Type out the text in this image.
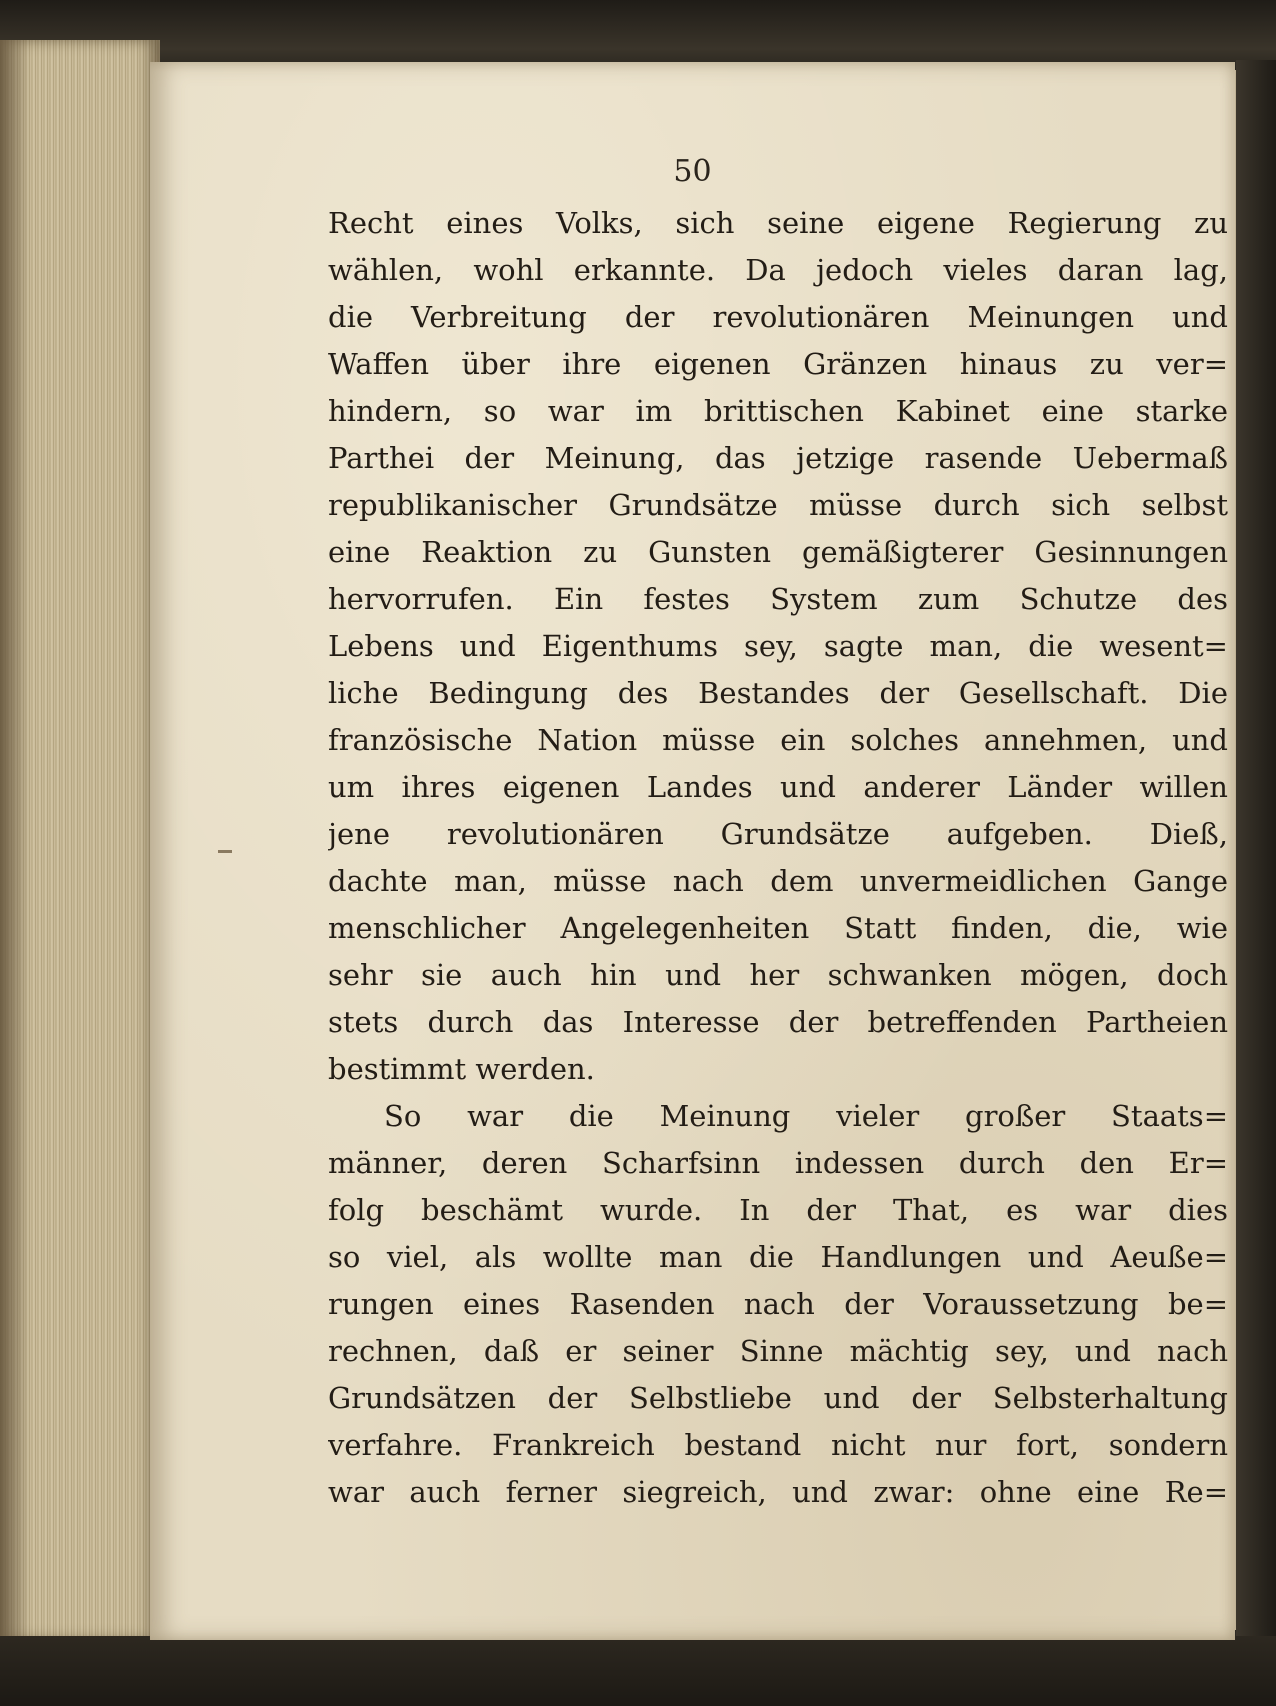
50
Recht eines Volks, sich seine eigene Regierung zu
wählen, wohl erkannte. Da jedoch vieles daran lag,
die Verbreitung der revolutionären Meinungen und
Waffen über ihre eigenen Gränzen hinaus zu ver=
hindern, so war im brittischen Kabinet eine starke
Parthei der Meinung, das jetzige rasende Uebermaß
republikanischer Grundsätze müsse durch sich selbst
eine Reaktion zu Gunsten gemäßigterer Gesinnungen
hervorrufen. Ein festes System zum Schutze des
Lebens und Eigenthums sey, sagte man, die wesent=
liche Bedingung des Bestandes der Gesellschaft. Die
französische Nation müsse ein solches annehmen, und
um ihres eigenen Landes und anderer Länder willen
jene revolutionären Grundsätze aufgeben. Dieß,
dachte man, müsse nach dem unvermeidlichen Gange
menschlicher Angelegenheiten Statt finden, die, wie
sehr sie auch hin und her schwanken mögen, doch
stets durch das Interesse der betreffenden Partheien
bestimmt werden.
So war die Meinung vieler großer Staats=
männer, deren Scharfsinn indessen durch den Er=
folg beschämt wurde. In der That, es war dies
so viel, als wollte man die Handlungen und Aeuße=
rungen eines Rasenden nach der Voraussetzung be=
rechnen, daß er seiner Sinne mächtig sey, und nach
Grundsätzen der Selbstliebe und der Selbsterhaltung
verfahre. Frankreich bestand nicht nur fort, sondern
war auch ferner siegreich, und zwar: ohne eine Re=
